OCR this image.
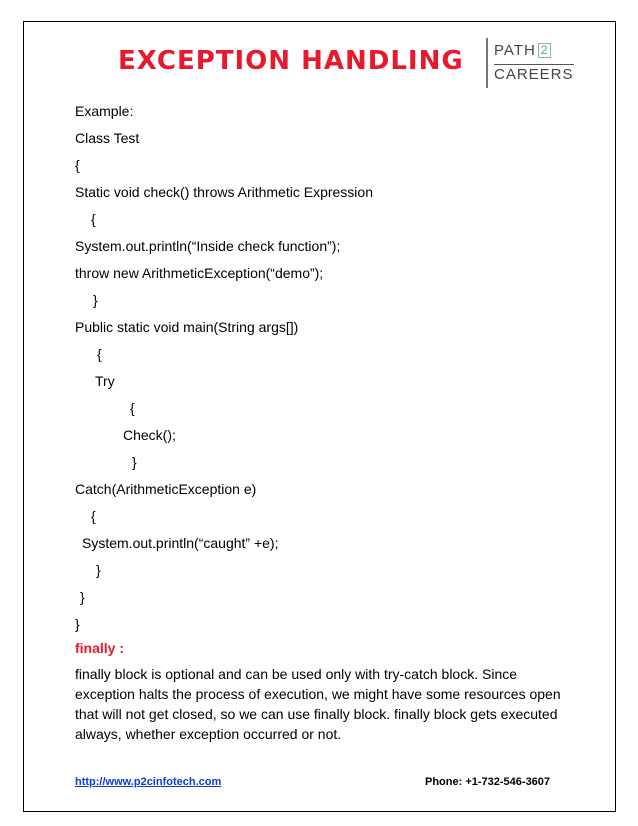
EXCEPTION HANDLING PATH 2
CAREERS
Example:
Class Test
{
Static void check() throws Arithmetic Expression
{
System.out.println(“Inside check function”);
throw new ArithmeticException(“demo”);
}
Public static void main(String args[])
{
Try
{
Check();
}
Catch(ArithmeticException e)
{
System.out.println(“caught” +e);
}
}
}
finally :
finally block is optional and can be used only with try-catch block. Since exception halts the process of execution, we might have some resources open that will not get closed, so we can use finally block. finally block gets executed always, whether exception occurred or not.
http://www.p2cinfotech.com	Phone: +1-732-546-3607
